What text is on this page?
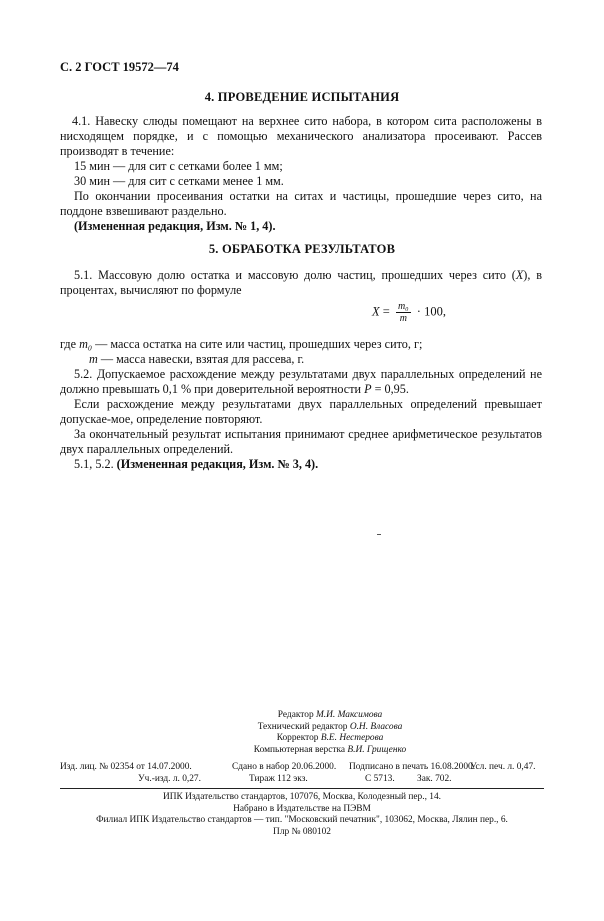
С. 2 ГОСТ 19572—74
4. ПРОВЕДЕНИЕ ИСПЫТАНИЯ
4.1. Навеску слюды помещают на верхнее сито набора, в котором сита расположены в нисходящем порядке, и с помощью механического анализатора просеивают. Рассев производят в течение:
15 мин — для сит с сетками более 1 мм;
30 мин — для сит с сетками менее 1 мм.
По окончании просеивания остатки на ситах и частицы, прошедшие через сито, на поддоне взвешивают раздельно.
(Измененная редакция, Изм. № 1, 4).
5. ОБРАБОТКА РЕЗУЛЬТАТОВ
5.1. Массовую долю остатка и массовую долю частиц, прошедших через сито (X), в процентах, вычисляют по формуле
$X = \frac{\text{m₀}}{m} \cdot 100$,
где m₀ — масса остатка на сите или частиц, прошедших через сито, г;
m — масса навески, взятая для рассева, г.
5.2. Допускаемое расхождение между результатами двух параллельных определений не должно превышать 0,1 % при доверительной вероятности P = 0,95.
Если расхождение между результатами двух параллельных определений превышает допускае-мое, определение повторяют.
За окончательный результат испытания принимают среднее арифметическое результатов двух параллельных определений.
5.1, 5.2. (Измененная редакция, Изм. № 3, 4).
Редактор М.И. Максимова
Технический редактор О.Н. Власова
Корректор В.Е. Нестерова
Компьютерная верстка В.И. Грищенко
Изд. лиц. № 02354 от 14.07.2000.	Сдано в набор 20.06.2000. Подписано в печать 16.08.2000.
Усл. печ. л. 0,47.
Уч.-изд. л. 0,27.	Тираж 112 экз.	С 5713. Зак. 702.
ИПК Издательство стандартов, 107076, Москва, Колодезный пер., 14.
Набрано в Издательстве на ПЭВМ
Филиал ИПК Издательство стандартов — тип. "Московский печатник", 103062, Москва, Лялин пер., 6.
Плр № 080102
